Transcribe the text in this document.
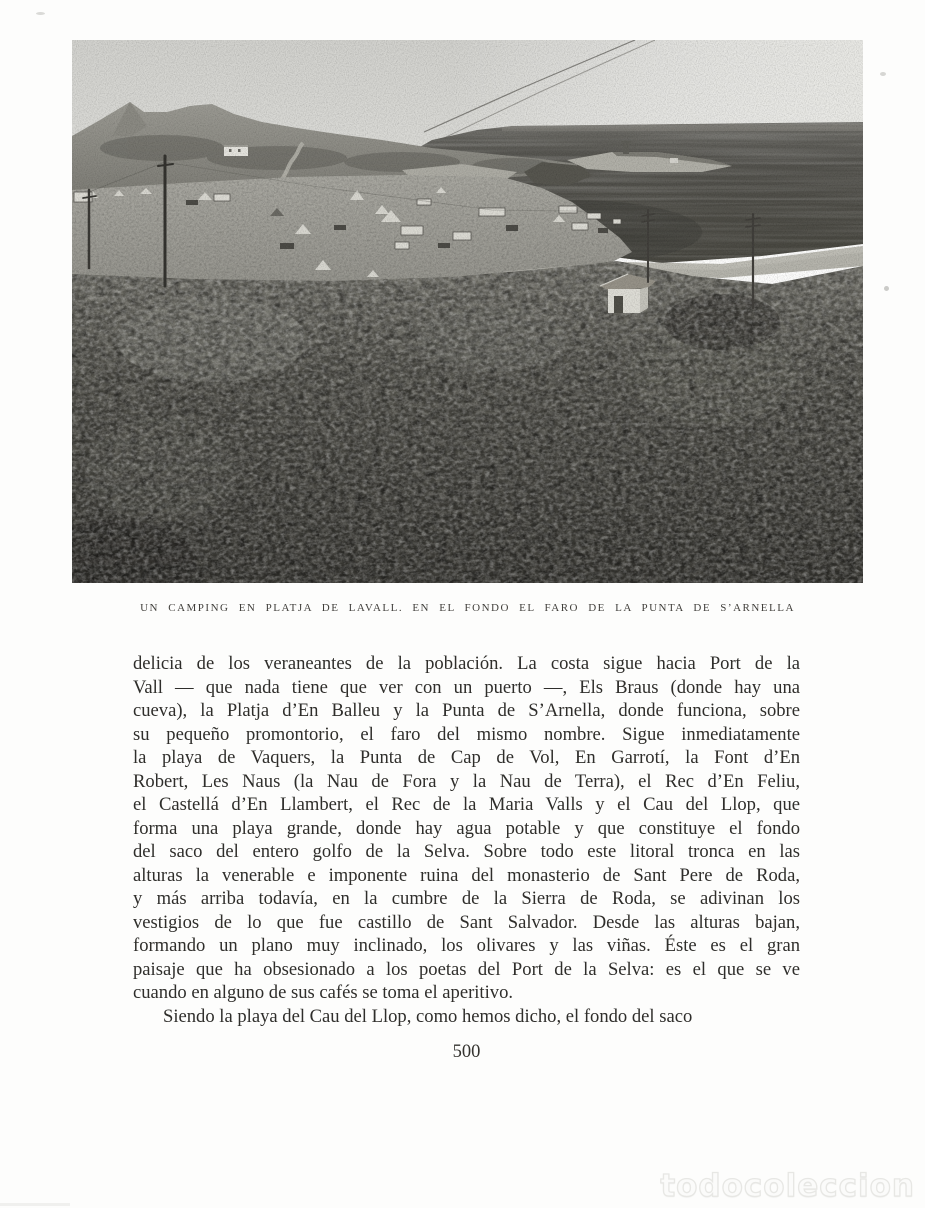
UN CAMPING EN PLATJA DE LAVALL. EN EL FONDO EL FARO DE LA PUNTA DE S’ARNELLA
delicia de los veraneantes de la población. La costa sigue hacia Port de la
Vall — que nada tiene que ver con un puerto —, Els Braus (donde hay una
cueva), la Platja d’En Balleu y la Punta de S’Arnella, donde funciona, sobre
su pequeño promontorio, el faro del mismo nombre. Sigue inmediatamente
la playa de Vaquers, la Punta de Cap de Vol, En Garrotí, la Font d’En
Robert, Les Naus (la Nau de Fora y la Nau de Terra), el Rec d’En Feliu,
el Castellá d’En Llambert, el Rec de la Maria Valls y el Cau del Llop, que
forma una playa grande, donde hay agua potable y que constituye el fondo
del saco del entero golfo de la Selva. Sobre todo este litoral tronca en las
alturas la venerable e imponente ruina del monasterio de Sant Pere de Roda,
y más arriba todavía, en la cumbre de la Sierra de Roda, se adivinan los
vestigios de lo que fue castillo de Sant Salvador. Desde las alturas bajan,
formando un plano muy inclinado, los olivares y las viñas. Éste es el gran
paisaje que ha obsesionado a los poetas del Port de la Selva: es el que se ve
cuando en alguno de sus cafés se toma el aperitivo.
Siendo la playa del Cau del Llop, como hemos dicho, el fondo del saco
500
todocoleccion
